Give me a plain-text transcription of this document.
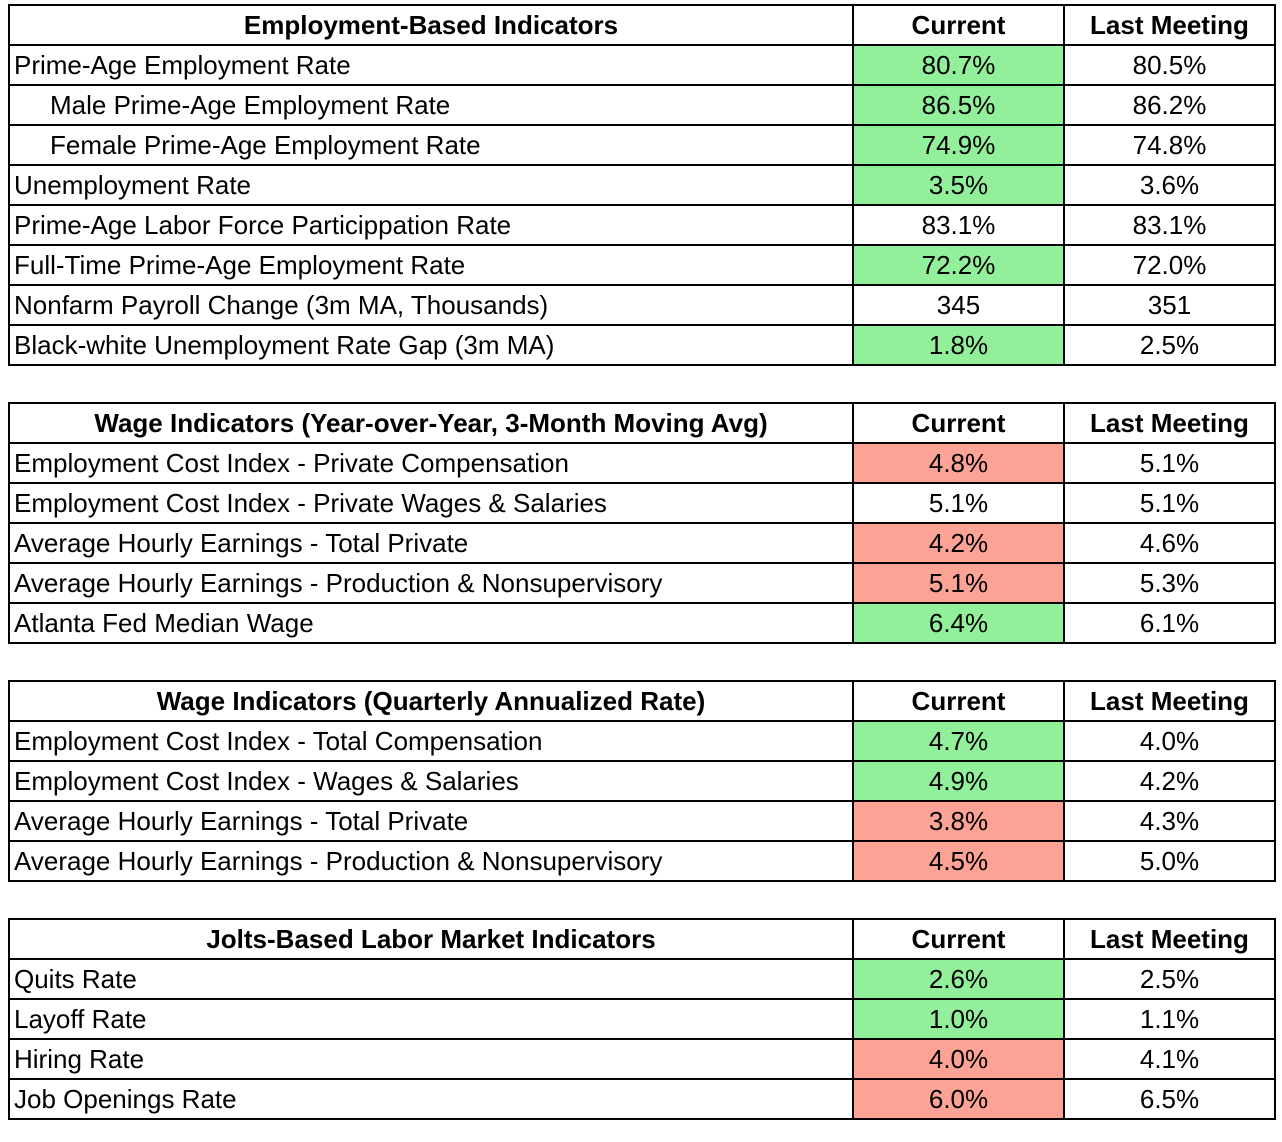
Employment-Based Indicators	Current	Last Meeting
Prime-Age Employment Rate	80.7%	80.5%
Male Prime-Age Employment Rate	86.5%	86.2%
Female Prime-Age Employment Rate	74.9%	74.8%
Unemployment Rate	3.5%	3.6%
Prime-Age Labor Force Particippation Rate	83.1%	83.1%
Full-Time Prime-Age Employment Rate	72.2%	72.0%
Nonfarm Payroll Change (3m MA, Thousands)	345	351
Black-white Unemployment Rate Gap (3m MA)	1.8%	2.5%
Wage Indicators (Year-over-Year, 3-Month Moving Avg)	Current	Last Meeting
Employment Cost Index - Private Compensation	4.8%	5.1%
Employment Cost Index - Private Wages & Salaries	5.1%	5.1%
Average Hourly Earnings - Total Private	4.2%	4.6%
Average Hourly Earnings - Production & Nonsupervisory	5.1%	5.3%
Atlanta Fed Median Wage	6.4%	6.1%
Wage Indicators (Quarterly Annualized Rate)	Current	Last Meeting
Employment Cost Index - Total Compensation	4.7%	4.0%
Employment Cost Index - Wages & Salaries	4.9%	4.2%
Average Hourly Earnings - Total Private	3.8%	4.3%
Average Hourly Earnings - Production & Nonsupervisory	4.5%	5.0%
Jolts-Based Labor Market Indicators	Current	Last Meeting
Quits Rate	2.6%	2.5%
Layoff Rate	1.0%	1.1%
Hiring Rate	4.0%	4.1%
Job Openings Rate	6.0%	6.5%
